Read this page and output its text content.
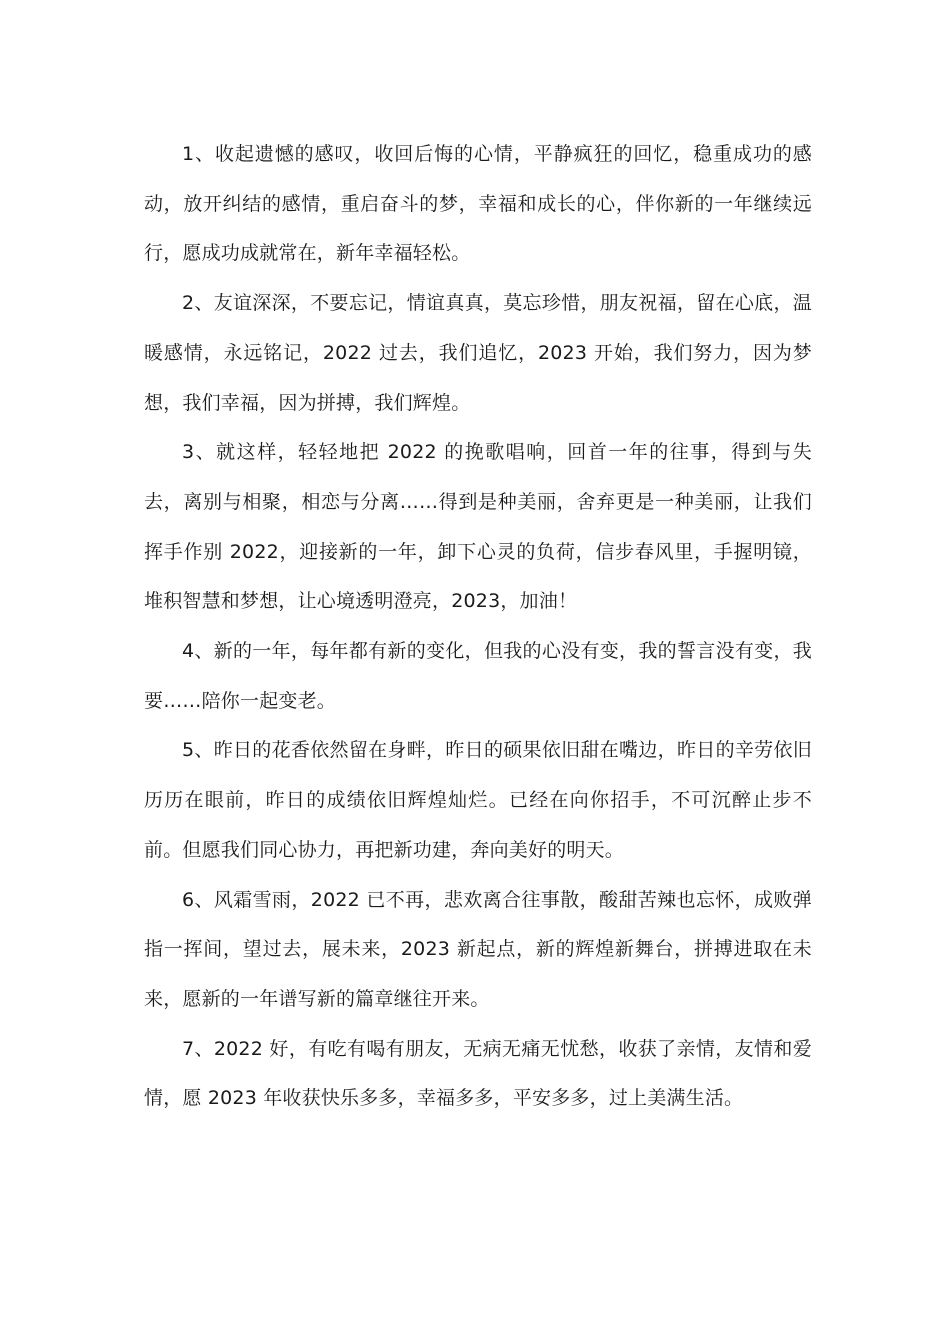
1、收起遗憾的感叹，收回后悔的心情，平静疯狂的回忆，稳重成功的感动，放开纠结的感情，重启奋斗的梦，幸福和成长的心，伴你新的一年继续远行，愿成功成就常在，新年幸福轻松。

2、友谊深深，不要忘记，情谊真真，莫忘珍惜，朋友祝福，留在心底，温暖感情，永远铭记，2022 过去，我们追忆，2023 开始，我们努力，因为梦想，我们幸福，因为拼搏，我们辉煌。

3、就这样，轻轻地把 2022 的挽歌唱响，回首一年的往事，得到与失去，离别与相聚，相恋与分离……得到是种美丽，舍弃更是一种美丽，让我们挥手作别 2022，迎接新的一年，卸下心灵的负荷，信步春风里，手握明镜，堆积智慧和梦想，让心境透明澄亮，2023，加油！

4、新的一年，每年都有新的变化，但我的心没有变，我的誓言没有变，我要……陪你一起变老。

5、昨日的花香依然留在身畔，昨日的硕果依旧甜在嘴边，昨日的辛劳依旧历历在眼前，昨日的成绩依旧辉煌灿烂。已经在向你招手，不可沉醉止步不前。但愿我们同心协力，再把新功建，奔向美好的明天。

6、风霜雪雨，2022 已不再，悲欢离合往事散，酸甜苦辣也忘怀，成败弹指一挥间，望过去，展未来，2023 新起点，新的辉煌新舞台，拼搏进取在未来，愿新的一年谱写新的篇章继往开来。

7、2022 好，有吃有喝有朋友，无病无痛无忧愁，收获了亲情，友情和爱情，愿 2023 年收获快乐多多，幸福多多，平安多多，过上美满生活。
